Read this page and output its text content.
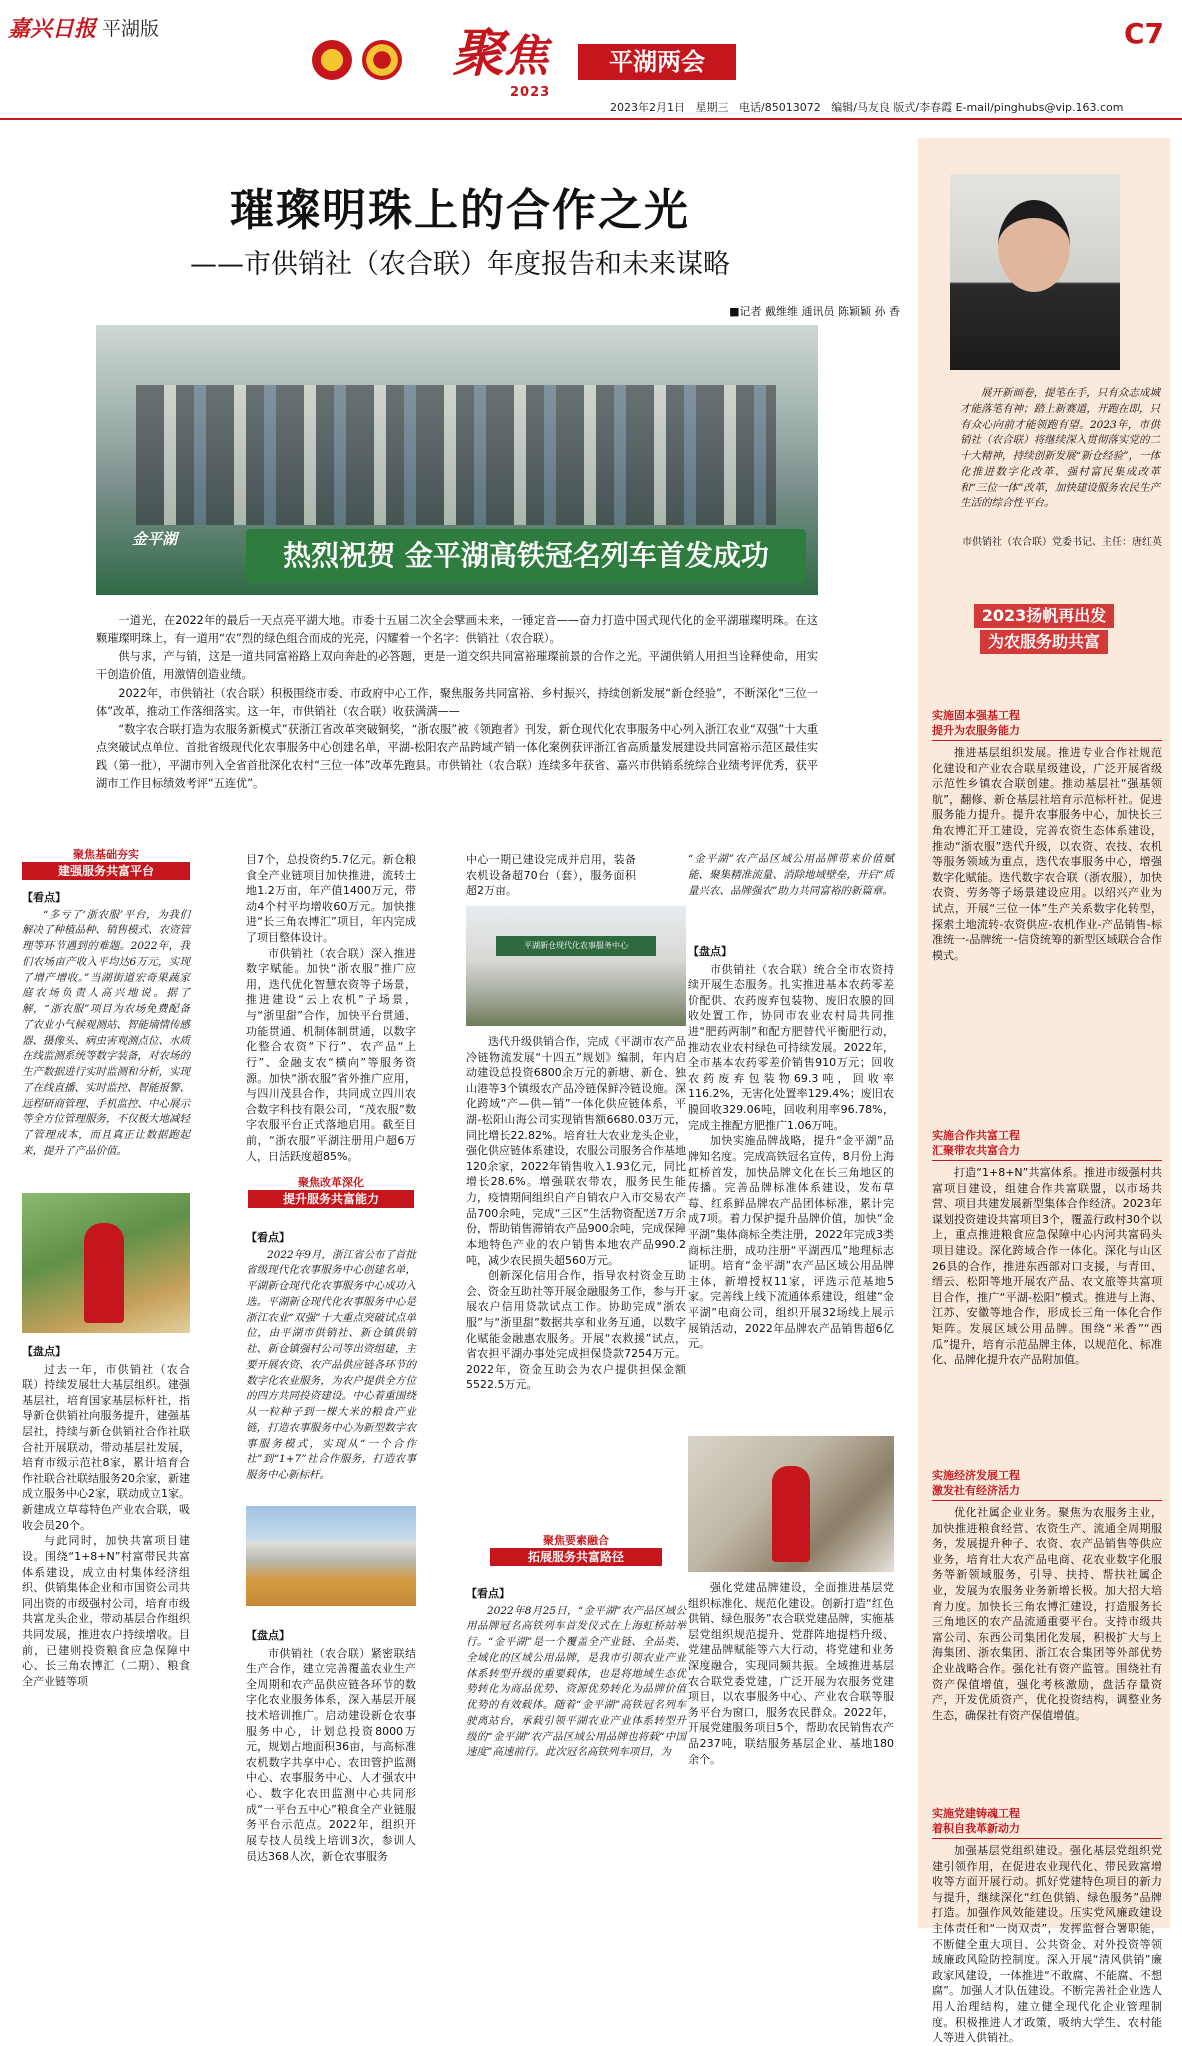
嘉兴日报 平湖版	聚焦
2023
平湖两会
C7
2023年2月1日 星期三 电话/85013072 编辑/马友良 版式/李春霞 E-mail/pinghubs@vip.163.com
璀璨明珠上的合作之光
——市供销社（农合联）年度报告和未来谋略
■记者 戴维维 通讯员 陈颖颖 孙 香
金平湖	热烈祝贺 金平湖高铁冠名列车首发成功

一道光，在2022年的最后一天点亮平湖大地。市委十五届二次全会擘画未来，一锤定音——奋力打造中国式现代化的金平湖璀璨明珠。在这颗璀璨明珠上，有一道用“农”烈的绿色组合而成的光亮，闪耀着一个名字：供销社（农合联）。

供与求，产与销，这是一道共同富裕路上双向奔赴的必答题，更是一道交织共同富裕璀璨前景的合作之光。平湖供销人用担当诠释使命，用实干创造价值，用激情创造业绩。

2022年，市供销社（农合联）积极围绕市委、市政府中心工作，聚焦服务共同富裕、乡村振兴，持续创新发展“新仓经验”，不断深化“三位一体”改革，推动工作落细落实。这一年，市供销社（农合联）收获满满——

“数字农合联打造为农服务新模式”获浙江省改革突破铜奖，“浙农服”被《领跑者》刊发，新仓现代化农事服务中心列入浙江农业“双强”十大重点突破试点单位、首批省级现代化农事服务中心创建名单，平湖-松阳农产品跨域产销一体化案例获评浙江省高质量发展建设共同富裕示范区最佳实践（第一批），平湖市列入全省首批深化农村“三位一体”改革先跑县。市供销社（农合联）连续多年获省、嘉兴市供销系统综合业绩考评优秀，获平湖市工作目标绩效考评“五连优”。

聚焦基础夯实
建强服务共富平台
【看点】

“多亏了‘浙农服’平台，为我们解决了种植品种、销售模式、农资管理等环节遇到的难题。2022年，我们农场亩产收入平均达6万元，实现了增产增收。”当湖街道宏奇果蔬家庭农场负责人高兴地说。据了解，“浙农服”项目为农场免费配备了农业小气候观测站、智能墒情传感器、摄像头、病虫害观测点位、水质在线监测系统等数字装备，对农场的生产数据进行实时监测和分析，实现了在线直播、实时监控、智能报警、远程研商管理、手机监控、中心展示等全方位管理服务，不仅极大地减轻了管理成本，而且真正让数据跑起来，提升了产品价值。

【盘点】

过去一年，市供销社（农合联）持续发展壮大基层组织。建强基层社，培育国家基层标杆社，指导新仓供销社向服务提升，建强基层社，持续与新仓供销社合作社联合社开展联动，带动基层社发展，培育市级示范社8家，累计培育合作社联合社联结服务20余家，新建成立服务中心2家，联动成立1家。新建成立草莓特色产业农合联，吸收会员20个。

与此同时，加快共富项目建设。围绕“1+8+N”村富带民共富体系建设，成立由村集体经济组织、供销集体企业和市国资公司共同出资的市级强村公司，培育市级共富龙头企业，带动基层合作组织共同发展，推进农户持续增收。目前，已建则投资粮食应急保障中心、长三角农博汇（二期）、粮食全产业链等项

目7个，总投资约5.7亿元。新仓粮食全产业链项目加快推进，流转土地1.2万亩，年产值1400万元，带动4个村平均增收60万元。加快推进“长三角农博汇”项目，年内完成了项目整体设计。

市供销社（农合联）深入推进数字赋能。加快“浙农服”推广应用，迭代优化智慧农资等子场景，推进建设“云上农机”子场景，与“浙里甜”合作，加快平台贯通、功能贯通、机制体制贯通，以数字化整合农资“下行”、农产品“上行”、金融支农“横向”等服务资源。加快“浙农服”省外推广应用，与四川茂县合作，共同成立四川农合数字科技有限公司，“茂农服”数字农服平台正式落地启用。截至目前，“浙农服”平湖注册用户超6万人，日活跃度超85%。

聚焦改革深化
提升服务共富能力
【看点】

2022年9月，浙江省公布了首批省级现代化农事服务中心创建名单，平湖新仓现代化农事服务中心成功入选。平湖新仓现代化农事服务中心是浙江农业“双强”十大重点突破试点单位，由平湖市供销社、新仓镇供销社、新仓镇强村公司等出资组建，主要开展农资、农产品供应链各环节的数字化农业服务，为农户提供全方位的四方共同投资建设。中心着重围绕从一粒种子到一棵大米的粮食产业链，打造农事服务中心为新型数字农事服务模式，实现从“一个合作社”到“1+7”社合作服务，打造农事服务中心新标杆。

【盘点】

市供销社（农合联）紧密联结生产合作，建立完善覆盖农业生产全周期和农产品供应链各环节的数字化农业服务体系，深入基层开展技术培训推广。启动建设新仓农事服务中心，计划总投资8000万元，规划占地面积36亩，与高标准农机数字共享中心、农田管护监测中心、农事服务中心、人才强农中心、数字化农田监测中心共同形成“一平台五中心”粮食全产业链服务平台示范点。2022年，组织开展专技人员线上培训3次，参训人员达368人次，新仓农事服务

中心一期已建设完成并启用，装备农机设备超70台（套），服务面积超2万亩。

平湖新仓现代化农事服务中心

迭代升级供销合作，完成《平湖市农产品冷链物流发展“十四五”规划》编制，年内启动建设总投资6800余万元的新塘、新仓、独山港等3个镇级农产品冷链保鲜冷链设施。深化跨域“产—供—销”一体化供应链体系，平湖-松阳山海公司实现销售额6680.03万元，同比增长22.82%。培育壮大农业龙头企业，强化供应链体系建设，农服公司服务合作基地120余家，2022年销售收入1.93亿元，同比增长28.6%。增强联农带农，服务民生能力，疫情期间组织自产自销农户入市交易农产品700余吨，完成“三区”生活物资配送7万余份，帮助销售滞销农产品900余吨，完成保障本地特色产业的农户销售本地农产品990.2吨，减少农民损失超560万元。

创新深化信用合作，指导农村资金互助会、资金互助社等开展金融服务工作，参与开展农户信用贷款试点工作。协助完成“浙农服”与“浙里甜”数据共享和业务互通，以数字化赋能金融惠农服务。开展“农救援”试点，省农担平湖办事处完成担保贷款7254万元。2022年，资金互助会为农户提供担保金额5522.5万元。

聚焦要素融合
拓展服务共富路径
【看点】

2022年8月25日，“金平湖”农产品区域公用品牌冠名高铁列车首发仪式在上海虹桥站举行。“金平湖”是一个覆盖全产业链、全品类、全域化的区域公用品牌，是我市引领农业产业体系转型升级的重要载体，也是将地域生态优势转化为商品优势、资源优势转化为品牌价值优势的有效载体。随着“金平湖”高铁冠名列车驶离站台，承载引领平湖农业产业体系转型升级的“金平湖”农产品区域公用品牌也将载“中国速度”高速前行。此次冠名高铁列车项目，为

“金平湖”农产品区域公用品牌带来价值赋能、聚集精准流量、消除地域壁垒，开启“质量兴农、品牌强农”助力共同富裕的新篇章。

【盘点】

市供销社（农合联）统合全市农资持续开展生态服务。扎实推进基本农药零差价配供、农药废弃包装物、废旧农膜的回收处置工作，协同市农业农村局共同推进“肥药两制”和配方肥替代平衡肥行动，推动农业农村绿色可持续发展。2022年，全市基本农药零差价销售910万元；回收农药废弃包装物69.3吨，回收率116.2%，无害化处置率129.4%；废旧农膜回收329.06吨，回收利用率96.78%，完成主推配方肥推广1.06万吨。

加快实施品牌战略，提升“金平湖”品牌知名度。完成高铁冠名宣传，8月份上海虹桥首发，加快品牌文化在长三角地区的传播。完善品牌标准体系建设，发布草莓、红系鲜品牌农产品团体标准，累计完成7项。着力保护提升品牌价值，加快“金平湖”集体商标全类注册，2022年完成3类商标注册，成功注册“平湖西瓜”地理标志证明。培育“金平湖”农产品区域公用品牌主体，新增授权11家，评选示范基地5家。完善线上线下流通体系建设，组建“金平湖”电商公司，组织开展32场线上展示展销活动，2022年品牌农产品销售超6亿元。

强化党建品牌建设，全面推进基层党组织标准化、规范化建设。创新打造“红色供销、绿色服务”农合联党建品牌，实施基层党组织规范提升、党群阵地提档升级、党建品牌赋能等六大行动，将党建和业务深度融合，实现同频共振。全域推进基层农合联党委党建，广泛开展为农服务党建项目，以农事服务中心、产业农合联等服务平台为窗口，服务农民群众。2022年，开展党建服务项目5个，帮助农民销售农产品237吨，联结服务基层企业、基地180余个。

展开新画卷，提笔在手，只有众志成城才能落笔有神；踏上新赛道，开跑在即，只有众心向前才能领跑有望。2023年，市供销社（农合联）将继续深入贯彻落实党的二十大精神，持续创新发展“新仓经验”，一体化推进数字化改革、强村富民集成改革和“三位一体”改革，加快建设服务农民生产生活的综合性平台。

市供销社（农合联）党委书记、主任：唐红英
2023扬帆再出发
为农服务助共富
实施固本强基工程
提升为农服务能力

推进基层组织发展。推进专业合作社规范化建设和产业农合联星级建设，广泛开展省级示范性乡镇农合联创建。推动基层社“强基领航”，翻修、新仓基层社培育示范标杆社。促进服务能力提升。提升农事服务中心，加快长三角农博汇开工建设，完善农资生态体系建设，推动“浙农服”迭代升级，以农资、农技、农机等服务领域为重点，迭代农事服务中心，增强数字化赋能。迭代数字农合联（浙农服），加快农资、劳务等子场景建设应用。以绍兴产业为试点，开展“三位一体”生产关系数字化转型，探索土地流转-农资供应-农机作业-产品销售-标准统一-品牌统一-信贷统筹的新型区域联合合作模式。

实施合作共富工程
汇聚带农共富合力

打造“1+8+N”共富体系。推进市级强村共富项目建设，组建合作共富联盟，以市场共营、项目共建发展新型集体合作经济。2023年谋划投资建设共富项目3个，覆盖行政村30个以上，重点推进粮食应急保障中心内河共富码头项目建设。深化跨域合作一体化。深化与山区26县的合作，推进东西部对口支援，与青田、缙云、松阳等地开展农产品、农文旅等共富项目合作，推广“平湖-松阳”模式。推进与上海、江苏、安徽等地合作，形成长三角一体化合作矩阵。发展区域公用品牌。围绕“米香”“西瓜”提升，培育示范品牌主体，以规范化、标准化、品牌化提升农产品附加值。

实施经济发展工程
激发社有经济活力

优化社属企业业务。聚焦为农服务主业，加快推进粮食经营、农资生产、流通全周期服务，发展提升种子、农资、农产品销售等供应业务，培育壮大农产品电商、花农业数字化服务等新领域服务，引导、扶持、帮扶社属企业，发展为农服务业务新增长极。加大招大培育力度。加快长三角农博汇建设，打造服务长三角地区的农产品流通重要平台。支持市级共富公司、东西公司集团化发展，积极扩大与上海集团、浙农集团、浙江农合集团等外部优势企业战略合作。强化社有资产监管。围绕社有资产保值增值，强化考核激励，盘活存量资产，开发优质资产，优化投资结构，调整业务生态，确保社有资产保值增值。

实施党建铸魂工程
着积自我革新动力

加强基层党组织建设。强化基层党组织党建引领作用，在促进农业现代化、带民致富增收等方面开展行动。抓好党建特色项目的新力与提升，继续深化“红色供销、绿色服务”品牌打造。加强作风效能建设。压实党风廉政建设主体责任和“一岗双责”，发挥监督合署职能，不断健全重大项目、公共资金、对外投资等领域廉政风险防控制度。深入开展“清风供销”廉政家风建设，一体推进“不敢腐、不能腐、不想腐”。加强人才队伍建设。不断完善社企业选人用人治理结构，建立健全现代化企业管理制度。积极推进人才政策，吸纳大学生、农村能人等进入供销社。
